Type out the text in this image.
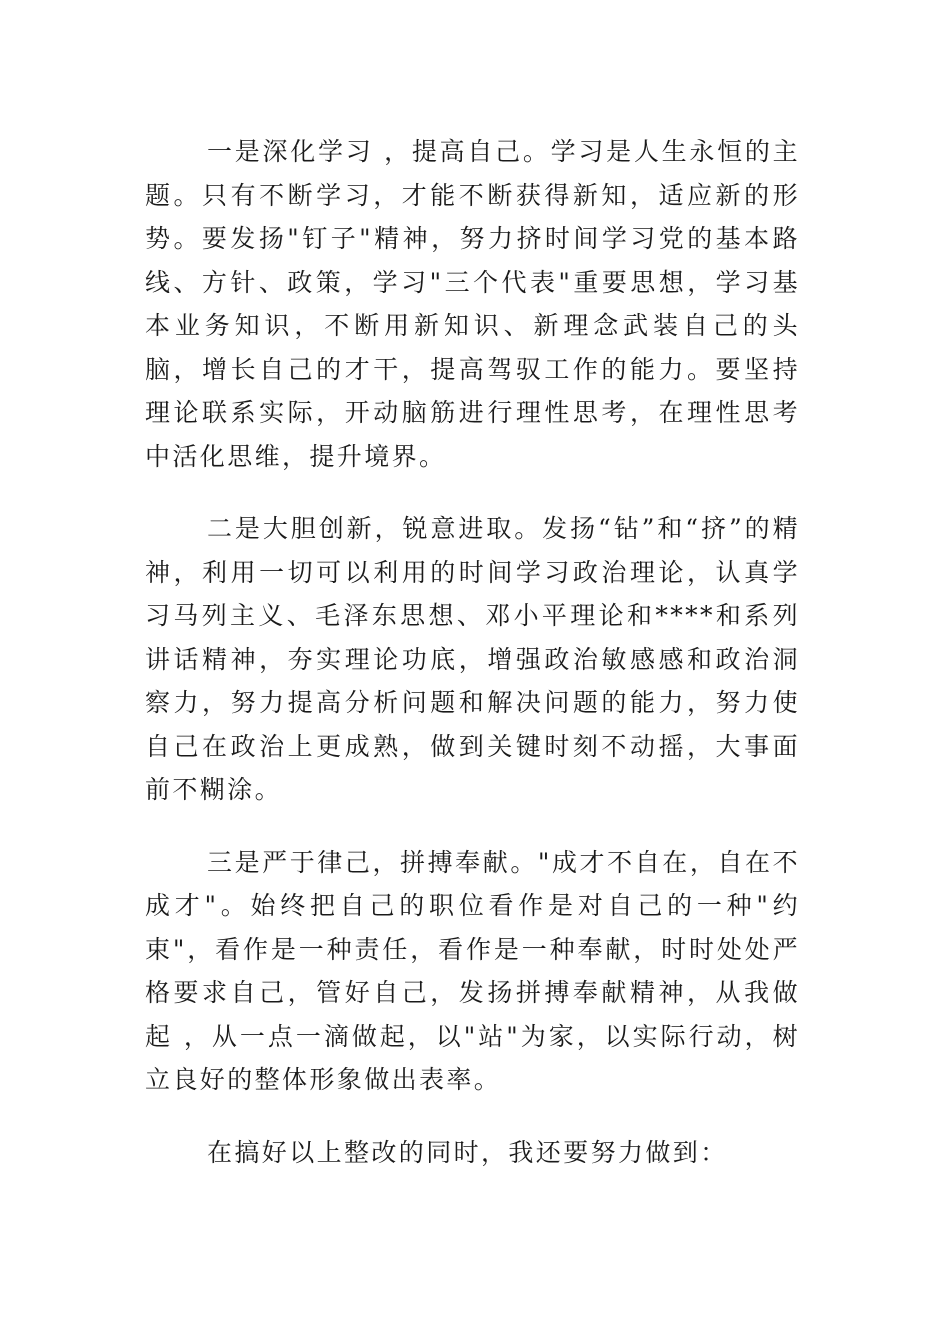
一是深化学习 ，提高自己。学习是人生永恒的主题。只有不断学习，才能不断获得新知，适应新的形势。要发扬"钉子"精神，努力挤时间学习党的基本路线、方针、政策，学习"三个代表"重要思想，学习基本业务知识，不断用新知识、新理念武装自己的头脑，增长自己的才干，提高驾驭工作的能力。要坚持理论联系实际，开动脑筋进行理性思考，在理性思考中活化思维，提升境界。

二是大胆创新，锐意进取。发扬“钻”和“挤”的精神，利用一切可以利用的时间学习政治理论，认真学习马列主义、毛泽东思想、邓小平理论和****和系列讲话精神，夯实理论功底，增强政治敏感感和政治洞察力，努力提高分析问题和解决问题的能力，努力使自己在政治上更成熟，做到关键时刻不动摇，大事面前不糊涂。

三是严于律己，拼搏奉献。"成才不自在，自在不成才"。始终把自己的职位看作是对自己的一种"约束"，看作是一种责任，看作是一种奉献，时时处处严格要求自己，管好自己，发扬拼搏奉献精神，从我做起 ，从一点一滴做起，以"站"为家，以实际行动，树立良好的整体形象做出表率。

在搞好以上整改的同时，我还要努力做到：
